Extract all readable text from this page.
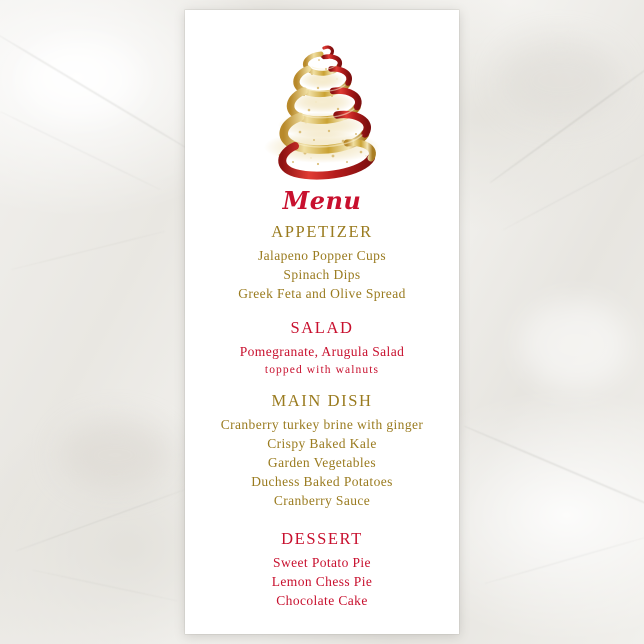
Menu
APPETIZER
Jalapeno Popper Cups
Spinach Dips
Greek Feta and Olive Spread
SALAD
Pomegranate, Arugula Salad
topped with walnuts
MAIN DISH
Cranberry turkey brine with ginger
Crispy Baked Kale
Garden Vegetables
Duchess Baked Potatoes
Cranberry Sauce
DESSERT
Sweet Potato Pie
Lemon Chess Pie
Chocolate Cake
